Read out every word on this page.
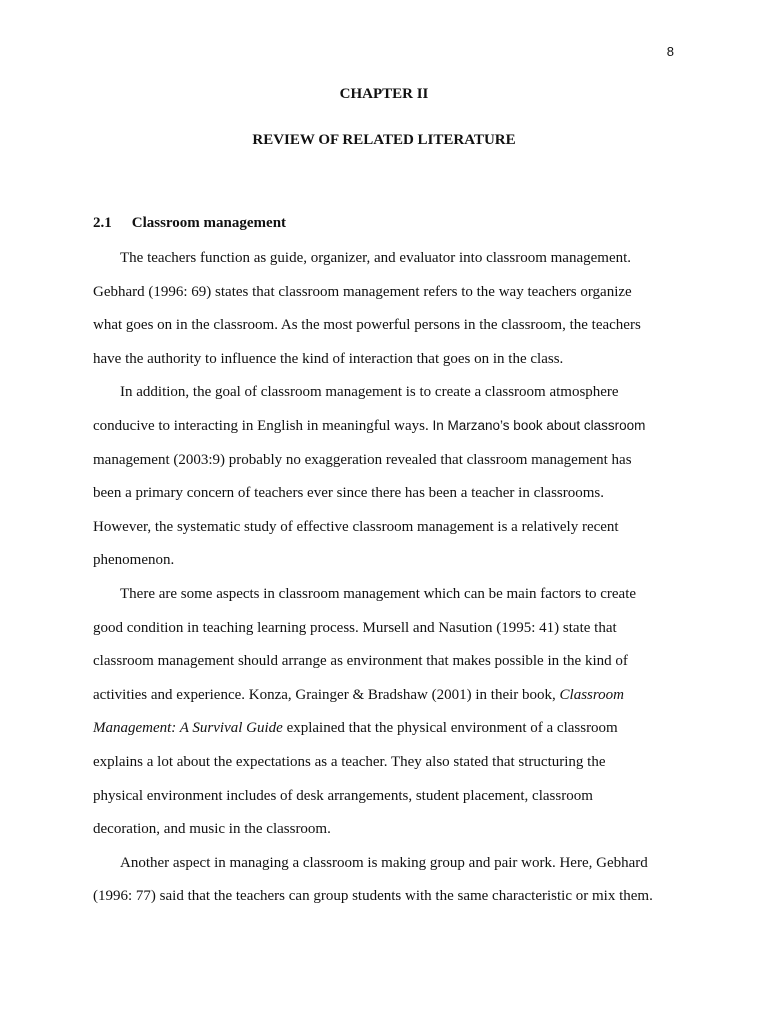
8
CHAPTER II
REVIEW OF RELATED LITERATURE
2.1 Classroom management
The teachers function as guide, organizer, and evaluator into classroom management.
Gebhard (1996: 69) states that classroom management refers to the way teachers organize
what goes on in the classroom. As the most powerful persons in the classroom, the teachers
have the authority to influence the kind of interaction that goes on in the class.
In addition, the goal of classroom management is to create a classroom atmosphere
conducive to interacting in English in meaningful ways. In Marzano’s book about classroom
management (2003:9) probably no exaggeration revealed that classroom management has
been a primary concern of teachers ever since there has been a teacher in classrooms.
However, the systematic study of effective classroom management is a relatively recent
phenomenon.
There are some aspects in classroom management which can be main factors to create
good condition in teaching learning process. Mursell and Nasution (1995: 41) state that
classroom management should arrange as environment that makes possible in the kind of
activities and experience. Konza, Grainger & Bradshaw (2001) in their book, Classroom
Management: A Survival Guide explained that the physical environment of a classroom
explains a lot about the expectations as a teacher. They also stated that structuring the
physical environment includes of desk arrangements, student placement, classroom
decoration, and music in the classroom.
Another aspect in managing a classroom is making group and pair work. Here, Gebhard
(1996: 77) said that the teachers can group students with the same characteristic or mix them.
